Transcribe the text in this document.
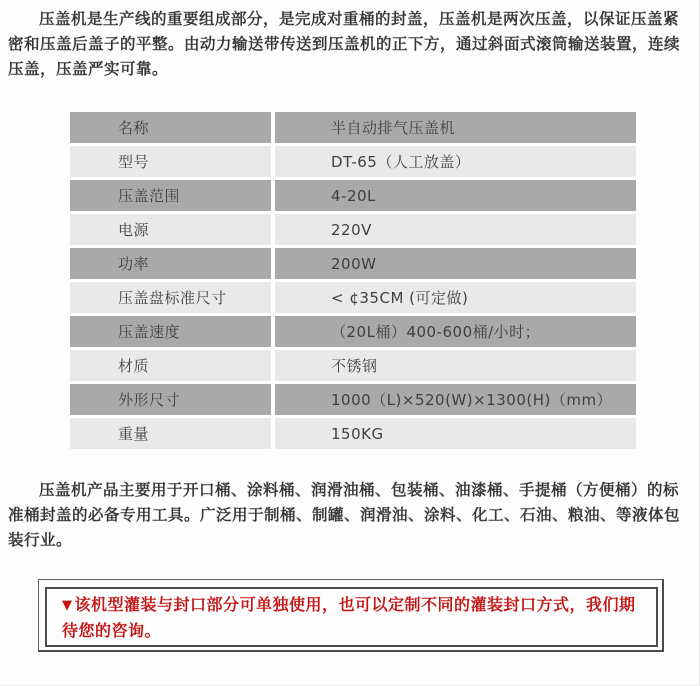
压盖机是生产线的重要组成部分，是完成对重桶的封盖，压盖机是两次压盖，以保证压盖紧密和压盖后盖子的平整。由动力输送带传送到压盖机的正下方，通过斜面式滚筒输送装置，连续压盖，压盖严实可靠。

名称	半自动排气压盖机
型号	DT-65（人工放盖）
压盖范围	4-20L
电源	220V
功率	200W
压盖盘标准尺寸	< ¢35CM (可定做)
压盖速度	（20L桶）400-600桶/小时；
材质	不锈钢
外形尺寸	1000（L)×520(W)×1300(H)（mm）
重量	150KG

压盖机产品主要用于开口桶、涂料桶、润滑油桶、包装桶、油漆桶、手提桶（方便桶）的标准桶封盖的必备专用工具。广泛用于制桶、制罐、润滑油、涂料、化工、石油、粮油、等液体包装行业。

▼ 该机型灌装与封口部分可单独使用，也可以定制不同的灌装封口方式，我们期待您的咨询。
